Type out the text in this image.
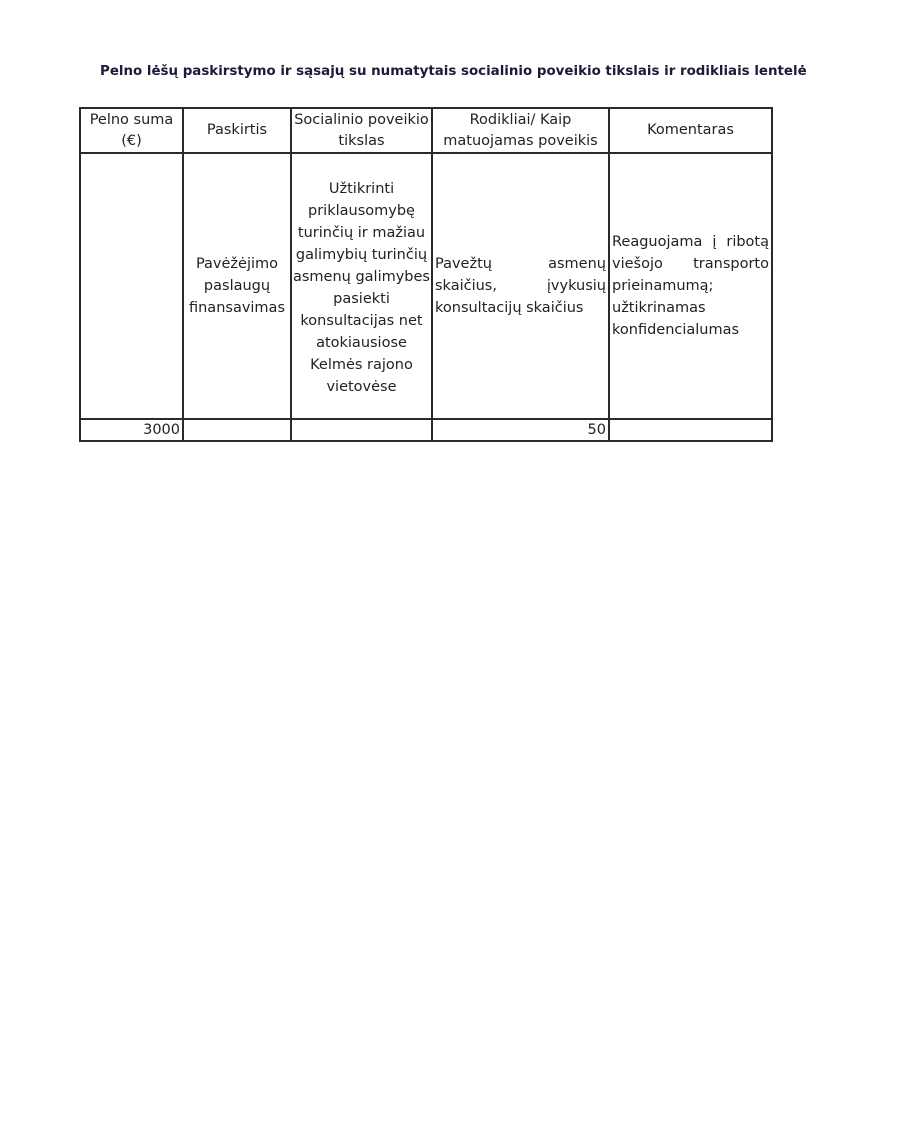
Pelno lėšų paskirstymo ir sąsajų su numatytais socialinio poveikio tikslais ir rodikliais lentelė
Pelno suma (€)	Paskirtis	Socialinio poveikio tikslas	Rodikliai/ Kaip matuojamas poveikis	Komentaras

	Pavėžėjimo paslaugų finansavimas	Užtikrinti priklausomybę turinčių ir mažiau galimybių turinčių asmenų galimybes pasiekti konsultacijas net atokiausiose Kelmės rajono vietovėse	Pavežtų asmenų skaičius, įvykusių konsultacijų skaičius	Reaguojama į ribotą viešojo transporto prieinamumą; užtikrinamas konfidencialumas

3000			50	
